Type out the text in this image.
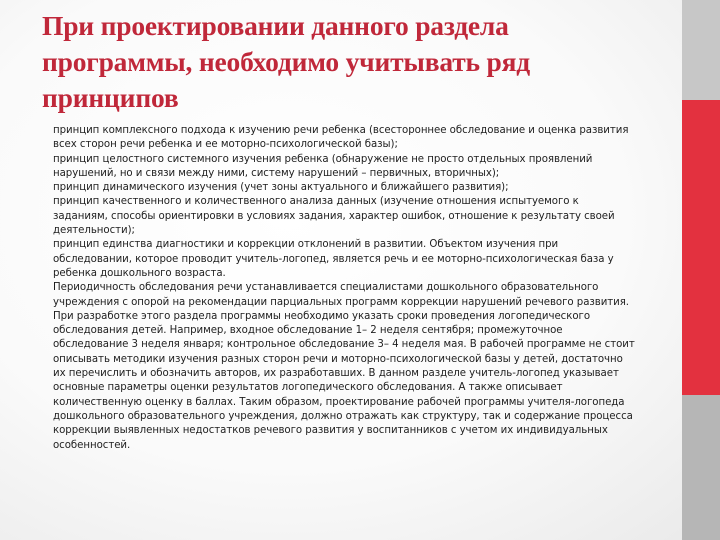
При проектировании данного раздела программы, необходимо учитывать ряд принципов

принцип комплексного подхода к изучению речи ребенка (всестороннее обследование и оценка развития всех сторон речи ребенка и ее моторно-психологической базы);

принцип целостного системного изучения ребенка (обнаружение не просто отдельных проявлений нарушений, но и связи между ними, систему нарушений – первичных, вторичных);

принцип динамического изучения (учет зоны актуального и ближайшего развития);

принцип качественного и количественного анализа данных (изучение отношения испытуемого к заданиям, способы ориентировки в условиях задания, характер ошибок, отношение к результату своей деятельности);

принцип единства диагностики и коррекции отклонений в развитии. Объектом изучения при обследовании, которое проводит учитель-логопед, является речь и ее моторно-психологическая база у ребенка дошкольного возраста.

Периодичность обследования речи устанавливается специалистами дошкольного образовательного учреждения с опорой на рекомендации парциальных программ коррекции нарушений речевого развития. При разработке этого раздела программы необходимо указать сроки проведения логопедического обследования детей. Например, входное обследование 1– 2 неделя сентября; промежуточное обследование 3 неделя января; контрольное обследование 3– 4 неделя мая. В рабочей программе не стоит описывать методики изучения разных сторон речи и моторно-психологической базы у детей, достаточно их перечислить и обозначить авторов, их разработавших. В данном разделе учитель-логопед указывает основные параметры оценки результатов логопедического обследования. А также описывает количественную оценку в баллах. Таким образом, проектирование рабочей программы учителя-логопеда дошкольного образовательного учреждения, должно отражать как структуру, так и содержание процесса коррекции выявленных недостатков речевого развития у воспитанников с учетом их индивидуальных особенностей.
